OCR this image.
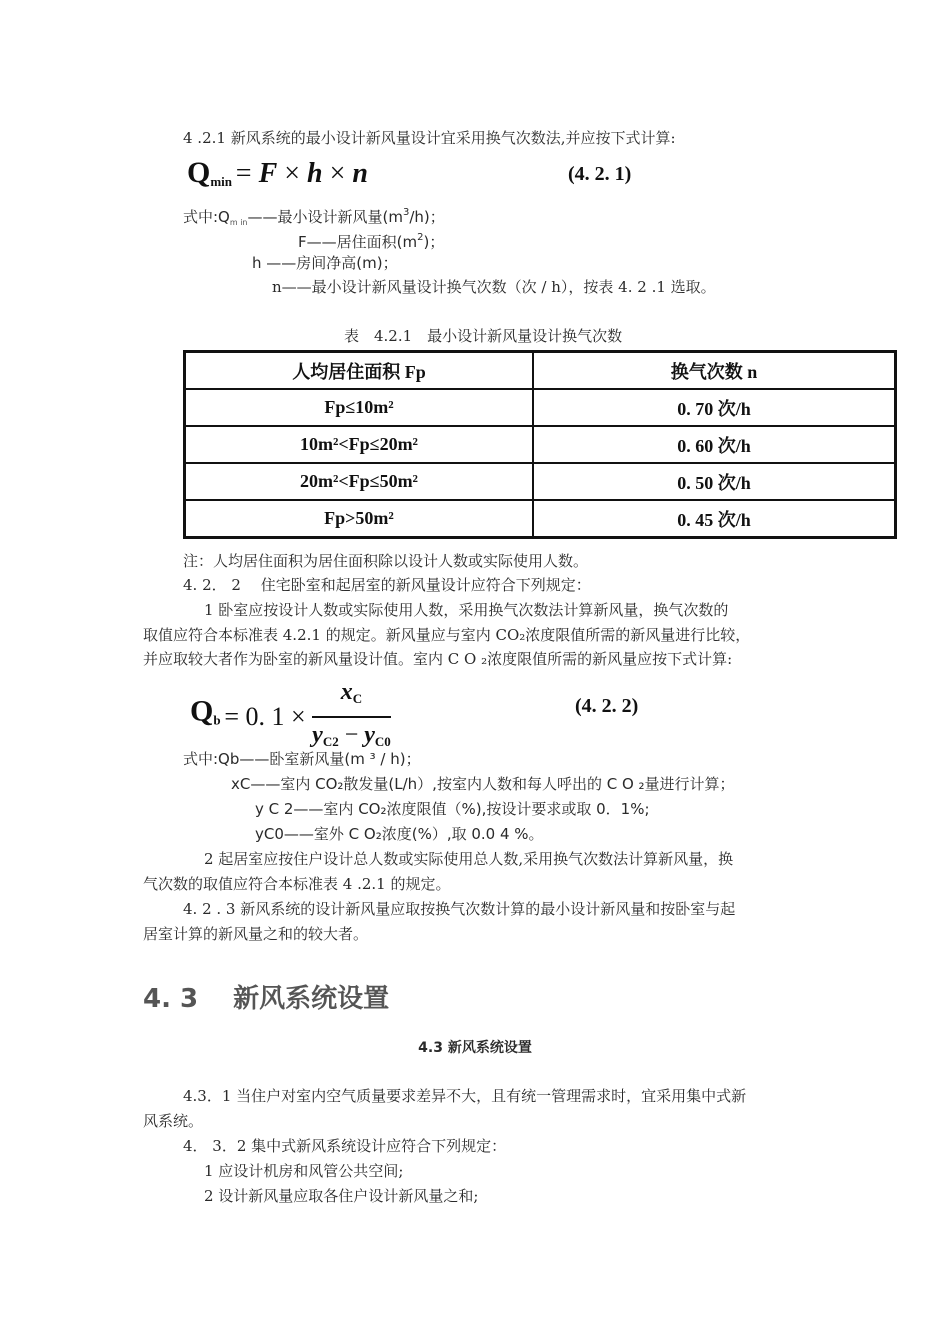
4 .2.1 新风系统的最小设计新风量设计宜采用换气次数法,并应按下式计算:
$Q_{min} = F \times h \times n$	(4. 2. 1)
式中$:Q_{m in}——$最小设计新风量$(m^3/h)$；
F——居住面积$(m^2)$；
h ——房间净高(m)；
n——最小设计新风量设计换气次数（次 / h），按表 4. 2 .1 选取。
表　4.2.1　最小设计新风量设计换气次数
人均居住面积 Fp	换气次数 n
Fp≤10m²	0. 70 次/h
10m²<Fp≤20m²	0. 60 次/h
20m²<Fp≤50m²	0. 50 次/h
Fp>50m²	0. 45 次/h
注：人均居住面积为居住面积除以设计人数或实际使用人数。
4. 2． 2　 住宅卧室和起居室的新风量设计应符合下列规定：
1 卧室应按设计人数或实际使用人数，采用换气次数法计算新风量，换气次数的
取值应符合本标准表 4.2.1 的规定。新风量应与室内 CO₂浓度限值所需的新风量进行比较，
并应取较大者作为卧室的新风量设计值。室内 C O ₂浓度限值所需的新风量应按下式计算:
$Q_b = 0$. $1 \times \frac{x_C}{y_{C2} - y_{C0}}$	(4. 2. 2)
式中:Qb——卧室新风量(m ³ / h)；
xC——室内 CO₂散发量(L/h）,按室内人数和每人呼出的 C O ₂量进行计算；
y C 2——室内 CO₂浓度限值（%),按设计要求或取 0．1%;
yC0——室外 C O₂浓度(%）,取 0.0 4 %。
2 起居室应按住户设计总人数或实际使用总人数,采用换气次数法计算新风量，换
气次数的取值应符合本标准表 4 .2.1 的规定。
4. 2 . 3 新风系统的设计新风量应取按换气次数计算的最小设计新风量和按卧室与起
居室计算的新风量之和的较大者。
4. 3　 新风系统设置
4.3 新风系统设置
4.3．1 当住户对室内空气质量要求差异不大，且有统一管理需求时，宜采用集中式新
风系统。
4． 3．2 集中式新风系统设计应符合下列规定：
1 应设计机房和风管公共空间;
2 设计新风量应取各住户设计新风量之和;
